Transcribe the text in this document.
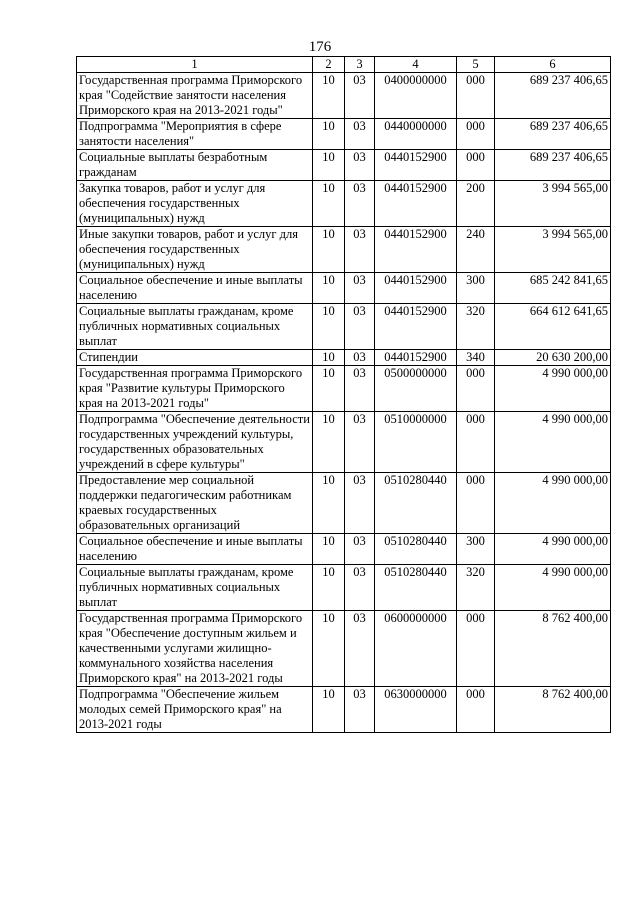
176
1	2	3	4	5	6
Государственная программа Приморского края "Содействие занятости населения Приморского края на 2013-2021 годы"	10	03	0400000000	000	689 237 406,65
Подпрограмма "Мероприятия в сфере занятости населения"	10	03	0440000000	000	689 237 406,65
Социальные выплаты безработным гражданам	10	03	0440152900	000	689 237 406,65
Закупка товаров, работ и услуг для обеспечения государственных (муниципальных) нужд	10	03	0440152900	200	3 994 565,00
Иные закупки товаров, работ и услуг для обеспечения государственных (муниципальных) нужд	10	03	0440152900	240	3 994 565,00
Социальное обеспечение и иные выплаты населению	10	03	0440152900	300	685 242 841,65
Социальные выплаты гражданам, кроме публичных нормативных социальных выплат	10	03	0440152900	320	664 612 641,65
Стипендии	10	03	0440152900	340	20 630 200,00
Государственная программа Приморского края "Развитие культуры Приморского края на 2013-2021 годы"	10	03	0500000000	000	4 990 000,00
Подпрограмма "Обеспечение деятельности государственных учреждений культуры, государственных образовательных учреждений в сфере культуры"	10	03	0510000000	000	4 990 000,00
Предоставление мер социальной поддержки педагогическим работникам краевых государственных образовательных организаций	10	03	0510280440	000	4 990 000,00
Социальное обеспечение и иные выплаты населению	10	03	0510280440	300	4 990 000,00
Социальные выплаты гражданам, кроме публичных нормативных социальных выплат	10	03	0510280440	320	4 990 000,00
Государственная программа Приморского края "Обеспечение доступным жильем и качественными услугами жилищно-коммунального хозяйства населения Приморского края" на 2013-2021 годы	10	03	0600000000	000	8 762 400,00
Подпрограмма "Обеспечение жильем молодых семей Приморского края" на 2013-2021 годы	10	03	0630000000	000	8 762 400,00
